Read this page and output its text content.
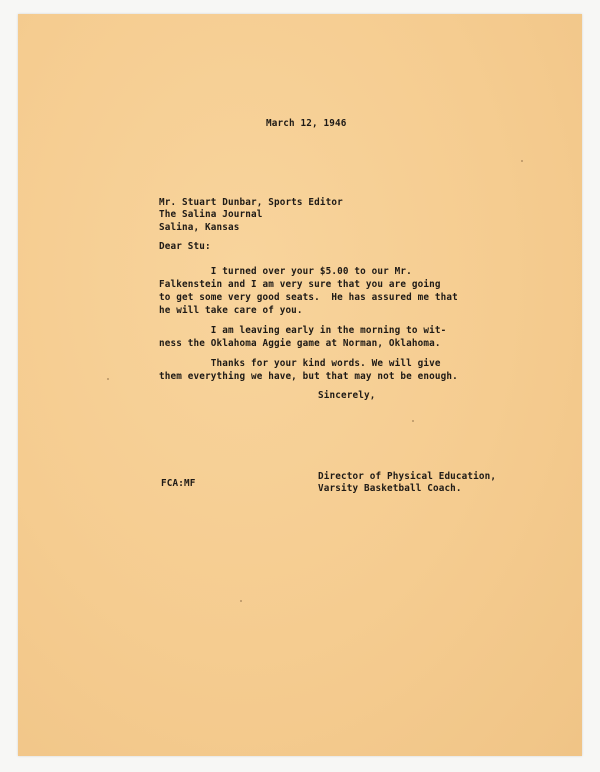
March 12, 1946
Mr. Stuart Dunbar, Sports Editor
The Salina Journal
Salina, Kansas
Dear Stu:
I turned over your $5.00 to our Mr.
Falkenstein and I am very sure that you are going
to get some very good seats.  He has assured me that
he will take care of you.
I am leaving early in the morning to wit-
ness the Oklahoma Aggie game at Norman, Oklahoma.
Thanks for your kind words. We will give
them everything we have, but that may not be enough.
Sincerely,
FCA:MF
Director of Physical Education,
Varsity Basketball Coach.
